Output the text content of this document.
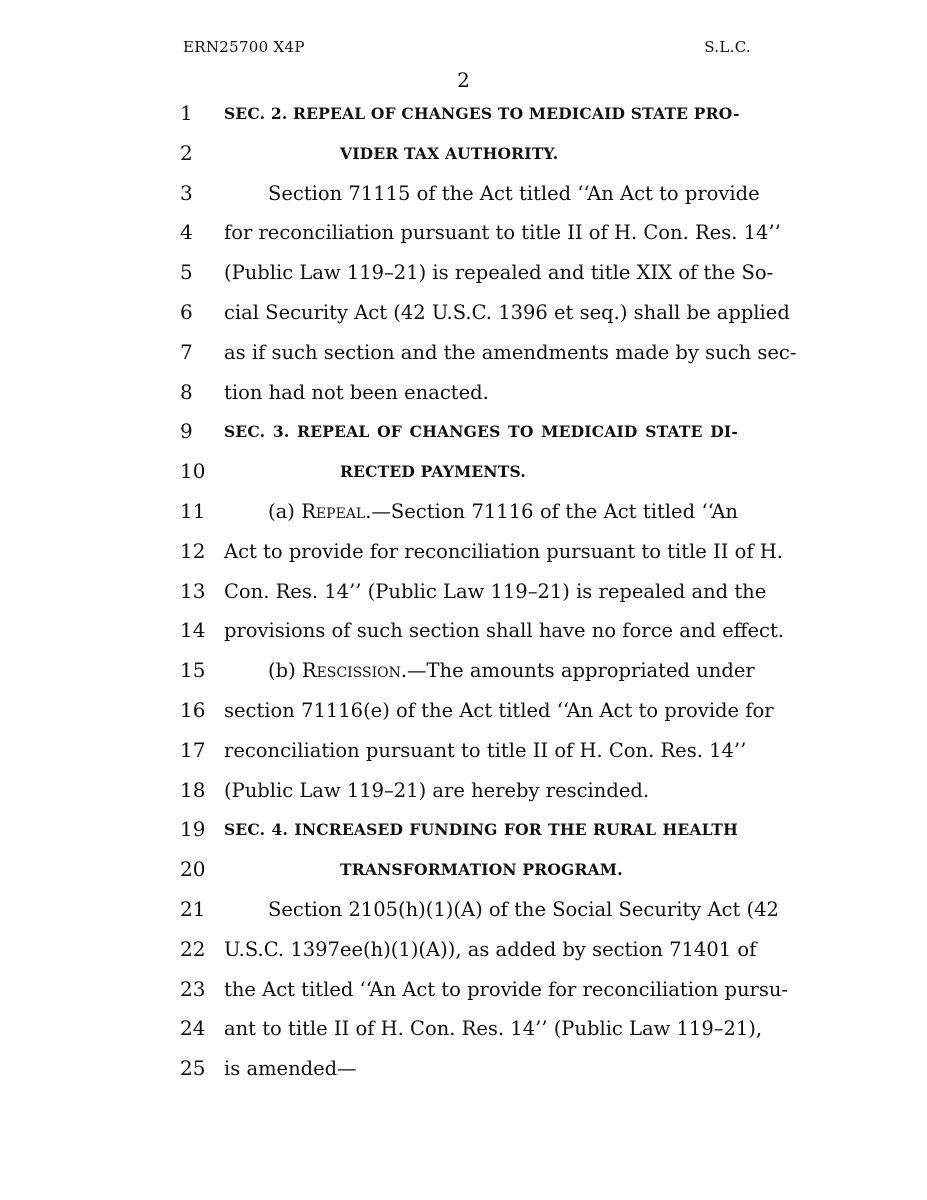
ERN25700 X4P	S.L.C.
2
1	SEC. 2. REPEAL OF CHANGES TO MEDICAID STATE PRO-
2	VIDER TAX AUTHORITY.
3	Section 71115 of the Act titled ‘‘An Act to provide
4	for reconciliation pursuant to title II of H. Con. Res. 14’’
5	(Public Law 119–21) is repealed and title XIX of the So-
6	cial Security Act (42 U.S.C. 1396 et seq.) shall be applied
7	as if such section and the amendments made by such sec-
8	tion had not been enacted.
9	SEC. 3. REPEAL OF CHANGES TO MEDICAID STATE DI-
10	RECTED PAYMENTS.
11	(a) Repeal.—Section 71116 of the Act titled ‘‘An
12 Act to provide for reconciliation pursuant to title II of H.
13 Con. Res. 14’’ (Public Law 119–21) is repealed and the
14 provisions of such section shall have no force and effect.
15	(b) Rescission.—The amounts appropriated under
16 section 71116(e) of the Act titled ‘‘An Act to provide for
17 reconciliation pursuant to title II of H. Con. Res. 14’’
18 (Public Law 119–21) are hereby rescinded.
19 SEC. 4. INCREASED FUNDING FOR THE RURAL HEALTH
20	TRANSFORMATION PROGRAM.
21	Section 2105(h)(1)(A) of the Social Security Act (42
22 U.S.C. 1397ee(h)(1)(A)), as added by section 71401 of
23 the Act titled ‘‘An Act to provide for reconciliation pursu-
24 ant to title II of H. Con. Res. 14’’ (Public Law 119–21),
25 is amended—
